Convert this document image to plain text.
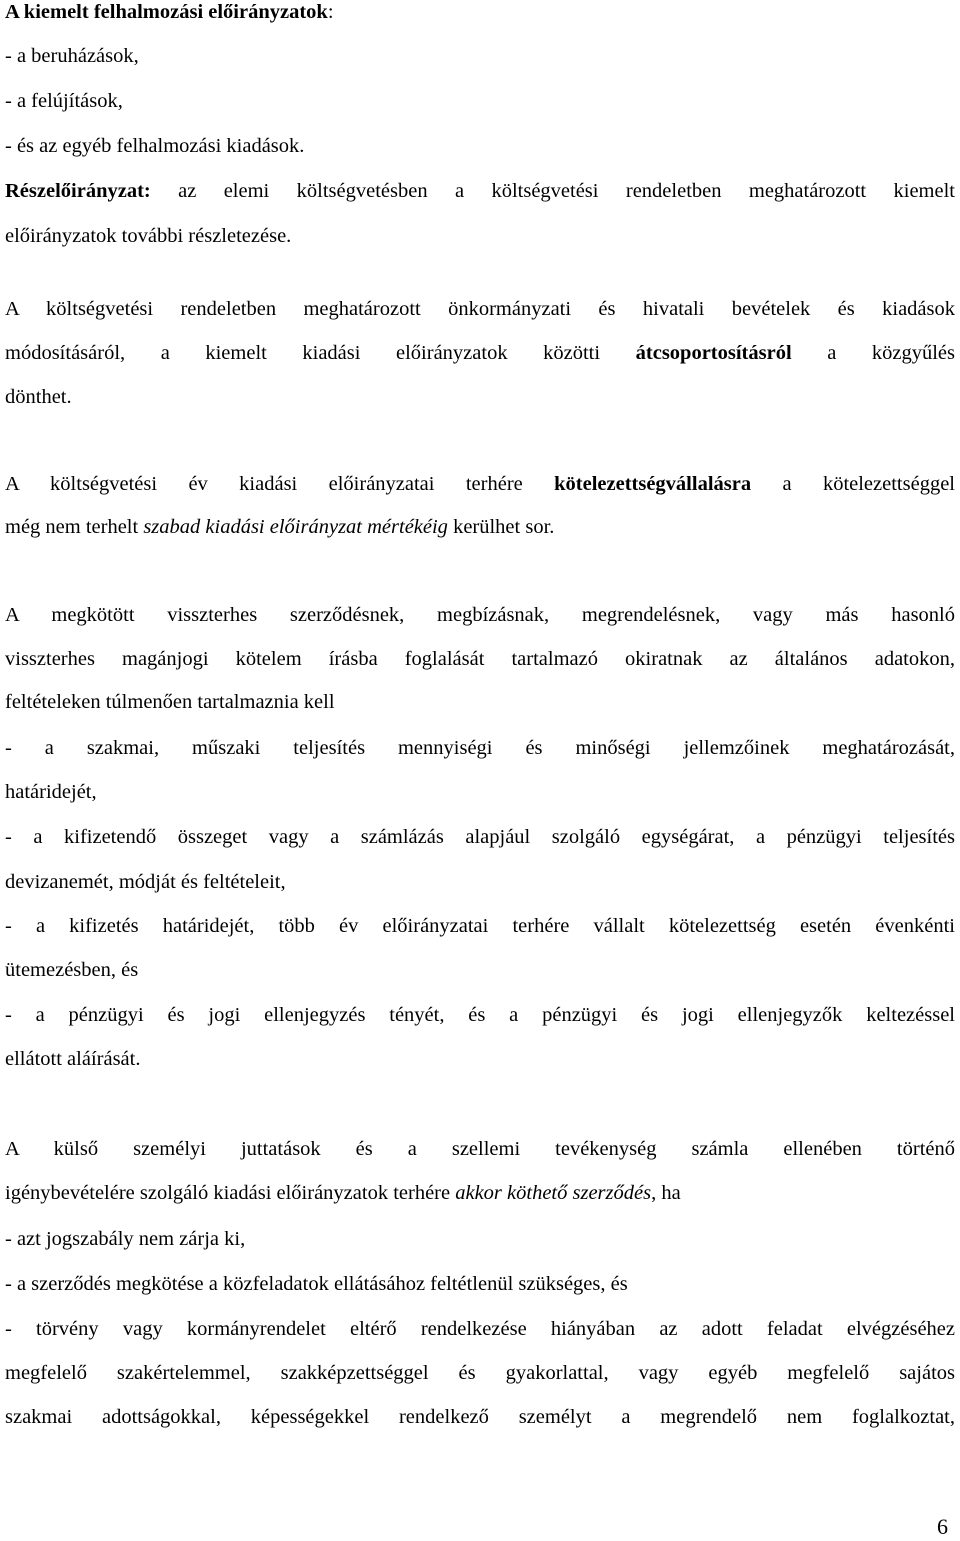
A kiemelt felhalmozási előirányzatok:
- a beruházások,
- a felújítások,
- és az egyéb felhalmozási kiadások.
Részelőirányzat: az elemi költségvetésben a költségvetési rendeletben meghatározott kiemelt
előirányzatok további részletezése.
A költségvetési rendeletben meghatározott önkormányzati és hivatali bevételek és kiadások
módosításáról, a kiemelt kiadási előirányzatok közötti átcsoportosításról a közgyűlés
dönthet.
A költségvetési év kiadási előirányzatai terhére kötelezettségvállalásra a kötelezettséggel
még nem terhelt szabad kiadási előirányzat mértékéig kerülhet sor.
A megkötött visszterhes szerződésnek, megbízásnak, megrendelésnek, vagy más hasonló
visszterhes magánjogi kötelem írásba foglalását tartalmazó okiratnak az általános adatokon,
feltételeken túlmenően tartalmaznia kell
- a szakmai, műszaki teljesítés mennyiségi és minőségi jellemzőinek meghatározását,
határidejét,
- a kifizetendő összeget vagy a számlázás alapjául szolgáló egységárat, a pénzügyi teljesítés
devizanemét, módját és feltételeit,
- a kifizetés határidejét, több év előirányzatai terhére vállalt kötelezettség esetén évenkénti
ütemezésben, és
- a pénzügyi és jogi ellenjegyzés tényét, és a pénzügyi és jogi ellenjegyzők keltezéssel
ellátott aláírását.
A külső személyi juttatások és a szellemi tevékenység számla ellenében történő
igénybevételére szolgáló kiadási előirányzatok terhére akkor köthető szerződés, ha
- azt jogszabály nem zárja ki,
- a szerződés megkötése a közfeladatok ellátásához feltétlenül szükséges, és
- törvény vagy kormányrendelet eltérő rendelkezése hiányában az adott feladat elvégzéséhez
megfelelő szakértelemmel, szakképzettséggel és gyakorlattal, vagy egyéb megfelelő sajátos
szakmai adottságokkal, képességekkel rendelkező személyt a megrendelő nem foglalkoztat,
6
